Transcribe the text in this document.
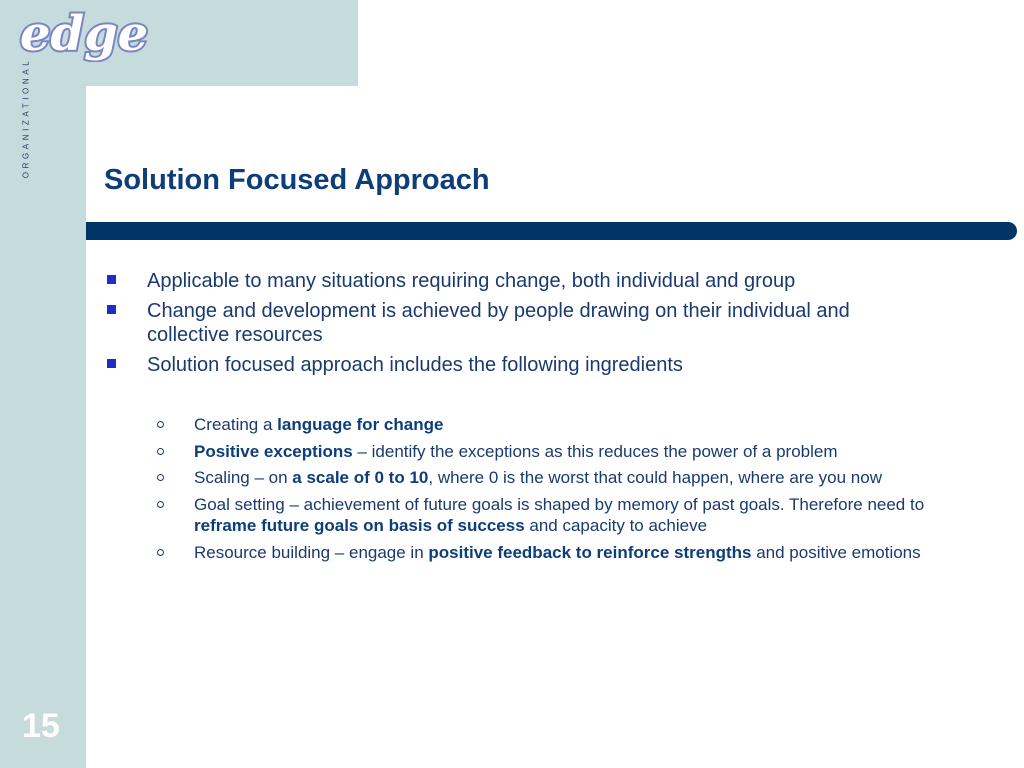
edge
ORGANIZATIONAL
15
Solution Focused Approach
Applicable to many situations requiring change, both individual and group
Change and development is achieved by people drawing on their individual and collective resources
Solution focused approach includes the following ingredients
Creating a language for change
Positive exceptions – identify the exceptions as this reduces the power of a problem
Scaling – on a scale of 0 to 10, where 0 is the worst that could happen, where are you now
Goal setting – achievement of future goals is shaped by memory of past goals. Therefore need to reframe future goals on basis of success and capacity to achieve
Resource building – engage in positive feedback to reinforce strengths and positive emotions
